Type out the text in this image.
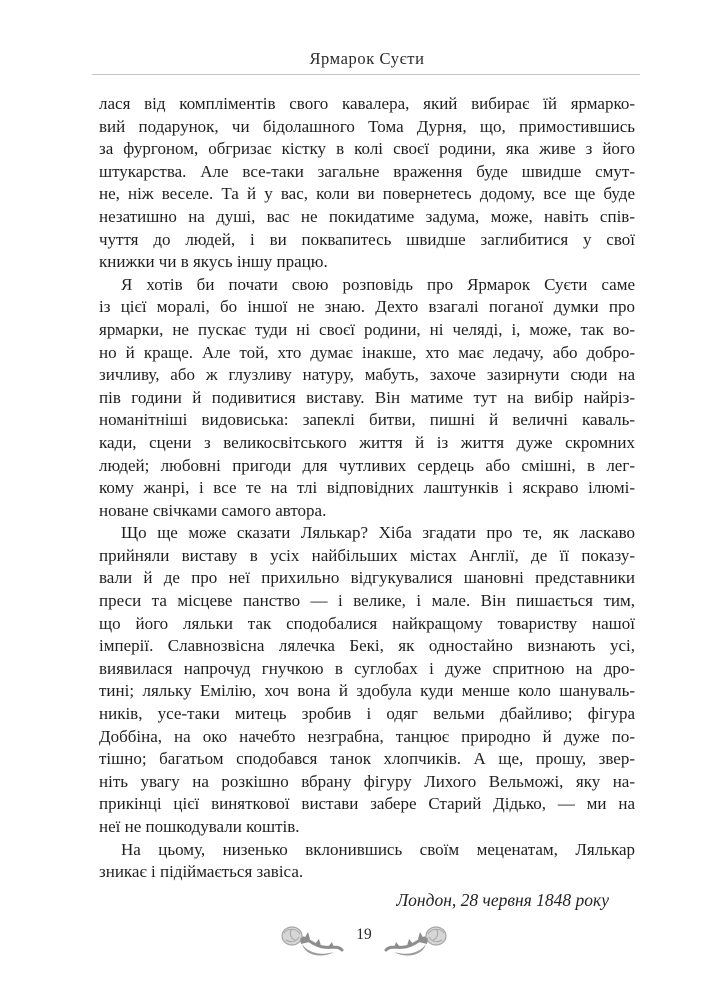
Ярмарок Суєти
лася від компліментів свого кавалера, який вибирає їй ярмарко-
вий подарунок, чи бідолашного Тома Дурня, що, примостившись
за фургоном, обгризає кістку в колі своєї родини, яка живе з його
штукарства. Але все-таки загальне враження буде швидше смут-
не, ніж веселе. Та й у вас, коли ви повернетесь додому, все ще буде
незатишно на душі, вас не покидатиме задума, може, навіть спів-
чуття до людей, і ви поквапитесь швидше заглибитися у свої
книжки чи в якусь іншу працю.
Я хотів би почати свою розповідь про Ярмарок Суєти саме
із цієї моралі, бо іншої не знаю. Дехто взагалі поганої думки про
ярмарки, не пускає туди ні своєї родини, ні челяді, і, може, так во-
но й краще. Але той, хто думає інакше, хто має ледачу, або добро-
зичливу, або ж глузливу натуру, мабуть, захоче зазирнути сюди на
пів години й подивитися виставу. Він матиме тут на вибір найріз-
номанітніші видовиська: запеклі битви, пишні й величні каваль-
кади, сцени з великосвітського життя й із життя дуже скромних
людей; любовні пригоди для чутливих сердець або смішні, в лег-
кому жанрі, і все те на тлі відповідних лаштунків і яскраво ілюмі-
новане свічками самого автора.
Що ще може сказати Лялькар? Хіба згадати про те, як ласкаво
прийняли виставу в усіх найбільших містах Англії, де її показу-
вали й де про неї прихильно відгукувалися шановні представники
преси та місцеве панство — і велике, і мале. Він пишається тим,
що його ляльки так сподобалися найкращому товариству нашої
імперії. Славнозвісна лялечка Бекі, як одностайно визнають усі,
виявилася напрочуд гнучкою в суглобах і дуже спритною на дро-
тині; ляльку Емілію, хоч вона й здобула куди менше коло шануваль-
ників, усе-таки митець зробив і одяг вельми дбайливо; фігура
Доббіна, на око начебто незграбна, танцює природно й дуже по-
тішно; багатьом сподобався танок хлопчиків. А ще, прошу, звер-
ніть увагу на розкішно вбрану фігуру Лихого Вельможі, яку на-
прикінці цієї виняткової вистави забере Старий Дідько, — ми на
неї не пошкодували коштів.
На цьому, низенько вклонившись своїм меценатам, Лялькар
зникає і підіймається завіса.
Лондон, 28 червня 1848 року
19
